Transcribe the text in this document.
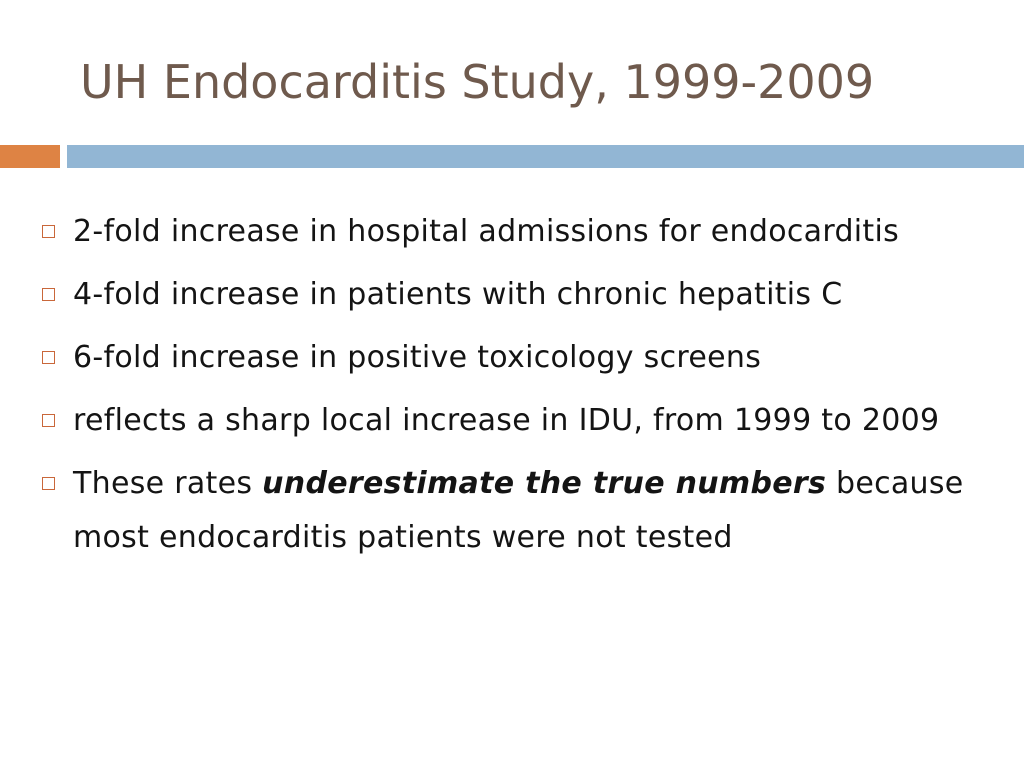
UH Endocarditis Study, 1999-2009
2-fold increase in hospital admissions for endocarditis
4-fold increase in patients with chronic hepatitis C
6-fold increase in positive toxicology screens
reflects a sharp local increase in IDU, from 1999 to 2009
These rates underestimate the true numbers because most endocarditis patients were not tested
